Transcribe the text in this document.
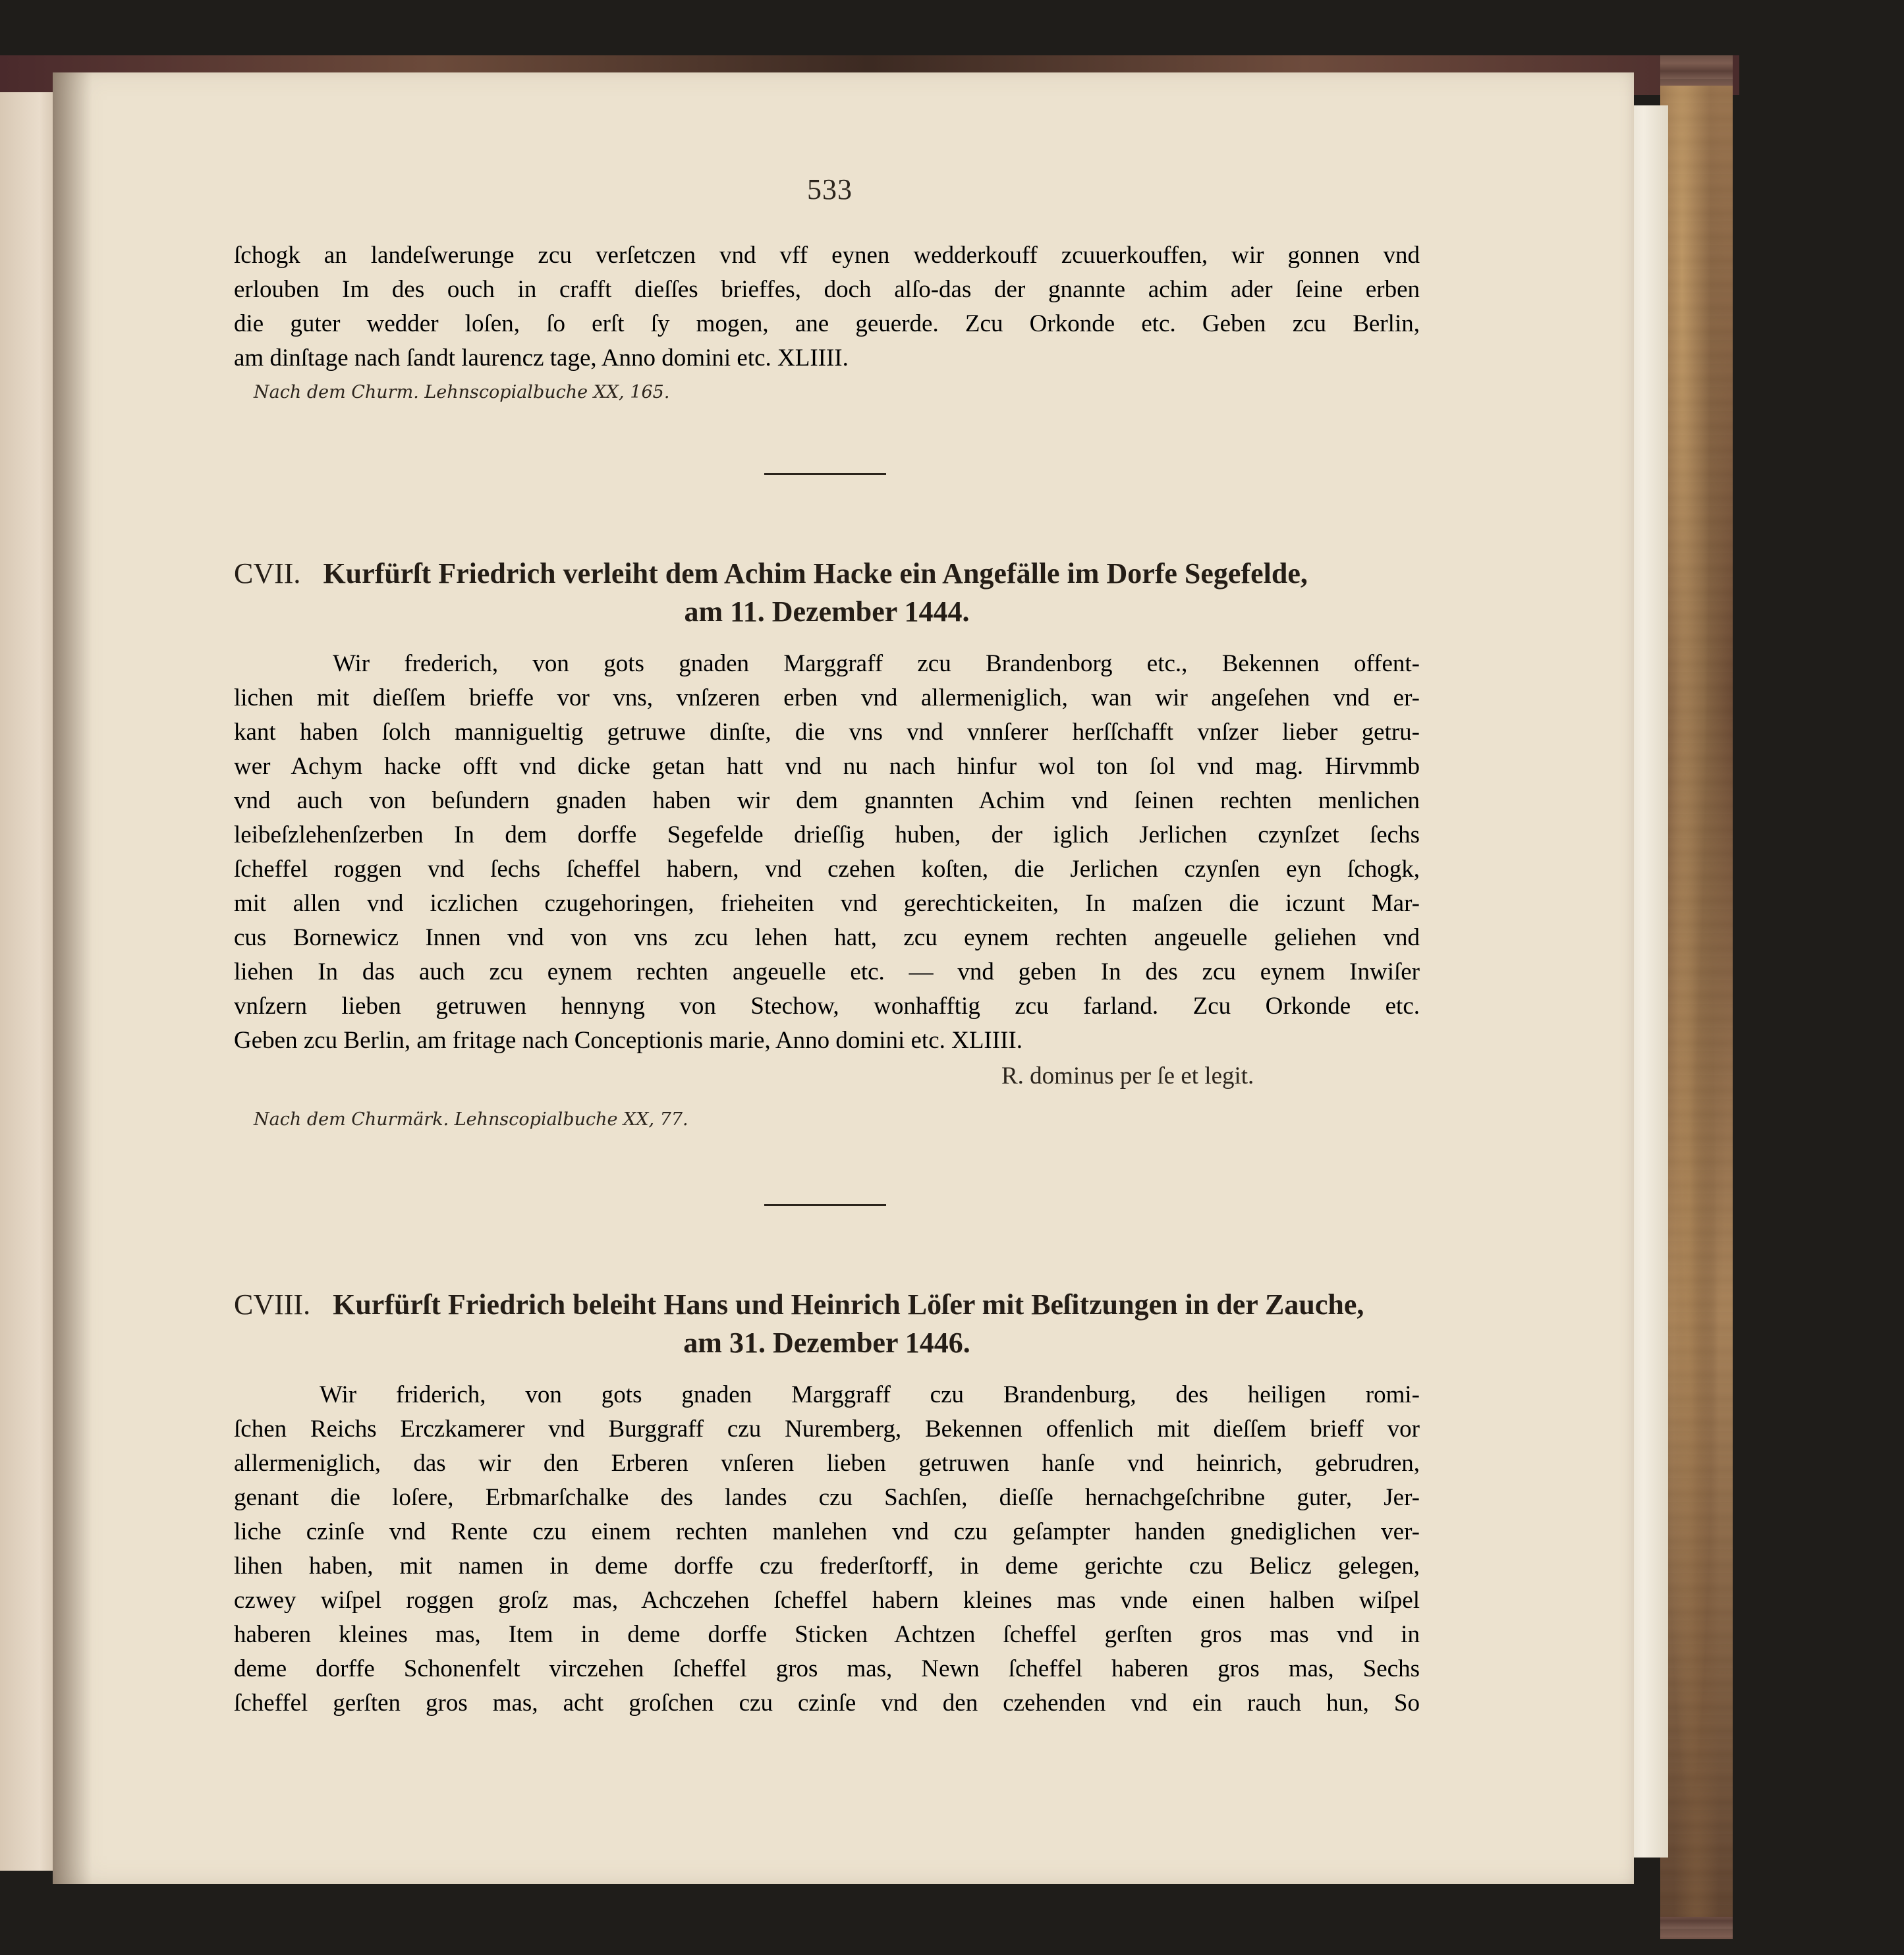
533
ſchogk an landeſwerunge zcu verſetczen vnd vff eynen wedderkouff zcuuerkouffen, wir gonnen vnd
erlouben Im des ouch in crafft dieſſes brieffes, doch alſo-das der gnannte achim ader ſeine erben
die guter wedder loſen, ſo erſt ſy mogen, ane geuerde. Zcu Orkonde etc. Geben zcu Berlin,
am dinſtage nach ſandt laurencz tage, Anno domini etc. XLIIII.
Nach dem Churm. Lehnscopialbuche XX, 165.
CVII. Kurfürſt Friedrich verleiht dem Achim Hacke ein Angefälle im Dorfe Segefelde,
am 11. Dezember 1444.
Wir frederich, von gots gnaden Marggraff zcu Brandenborg etc., Bekennen offent-
lichen mit dieſſem brieffe vor vns, vnſzeren erben vnd allermeniglich, wan wir angeſehen vnd er-
kant haben ſolch mannigueltig getruwe dinſte, die vns vnd vnnſerer herſſchafft vnſzer lieber getru-
wer Achym hacke offt vnd dicke getan hatt vnd nu nach hinfur wol ton ſol vnd mag. Hirvmmb
vnd auch von beſundern gnaden haben wir dem gnannten Achim vnd ſeinen rechten menlichen
leibeſzlehenſzerben In dem dorffe Segefelde drieſſig huben, der iglich Jerlichen czynſzet ſechs
ſcheffel roggen vnd ſechs ſcheffel habern, vnd czehen koſten, die Jerlichen czynſen eyn ſchogk,
mit allen vnd iczlichen czugehoringen, frieheiten vnd gerechtickeiten, In maſzen die iczunt Mar-
cus Bornewicz Innen vnd von vns zcu lehen hatt, zcu eynem rechten angeuelle geliehen vnd
liehen In das auch zcu eynem rechten angeuelle etc. — vnd geben In des zcu eynem Inwiſer
vnſzern lieben getruwen hennyng von Stechow, wonhafftig zcu farland. Zcu Orkonde etc.
Geben zcu Berlin, am fritage nach Conceptionis marie, Anno domini etc. XLIIII.
R. dominus per ſe et legit.
Nach dem Churmärk. Lehnscopialbuche XX, 77.
CVIII. Kurfürſt Friedrich beleiht Hans und Heinrich Löſer mit Beſitzungen in der Zauche,
am 31. Dezember 1446.
Wir friderich, von gots gnaden Marggraff czu Brandenburg, des heiligen romi-
ſchen Reichs Erczkamerer vnd Burggraff czu Nuremberg, Bekennen offenlich mit dieſſem brieff vor
allermeniglich, das wir den Erberen vnſeren lieben getruwen hanſe vnd heinrich, gebrudren,
genant die loſere, Erbmarſchalke des landes czu Sachſen, dieſſe hernachgeſchribne guter, Jer-
liche czinſe vnd Rente czu einem rechten manlehen vnd czu geſampter handen gnediglichen ver-
lihen haben, mit namen in deme dorffe czu frederſtorff, in deme gerichte czu Belicz gelegen,
czwey wiſpel roggen groſz mas, Achczehen ſcheffel habern kleines mas vnde einen halben wiſpel
haberen kleines mas, Item in deme dorffe Sticken Achtzen ſcheffel gerſten gros mas vnd in
deme dorffe Schonenfelt virczehen ſcheffel gros mas, Newn ſcheffel haberen gros mas, Sechs
ſcheffel gerſten gros mas, acht groſchen czu czinſe vnd den czehenden vnd ein rauch hun, So
